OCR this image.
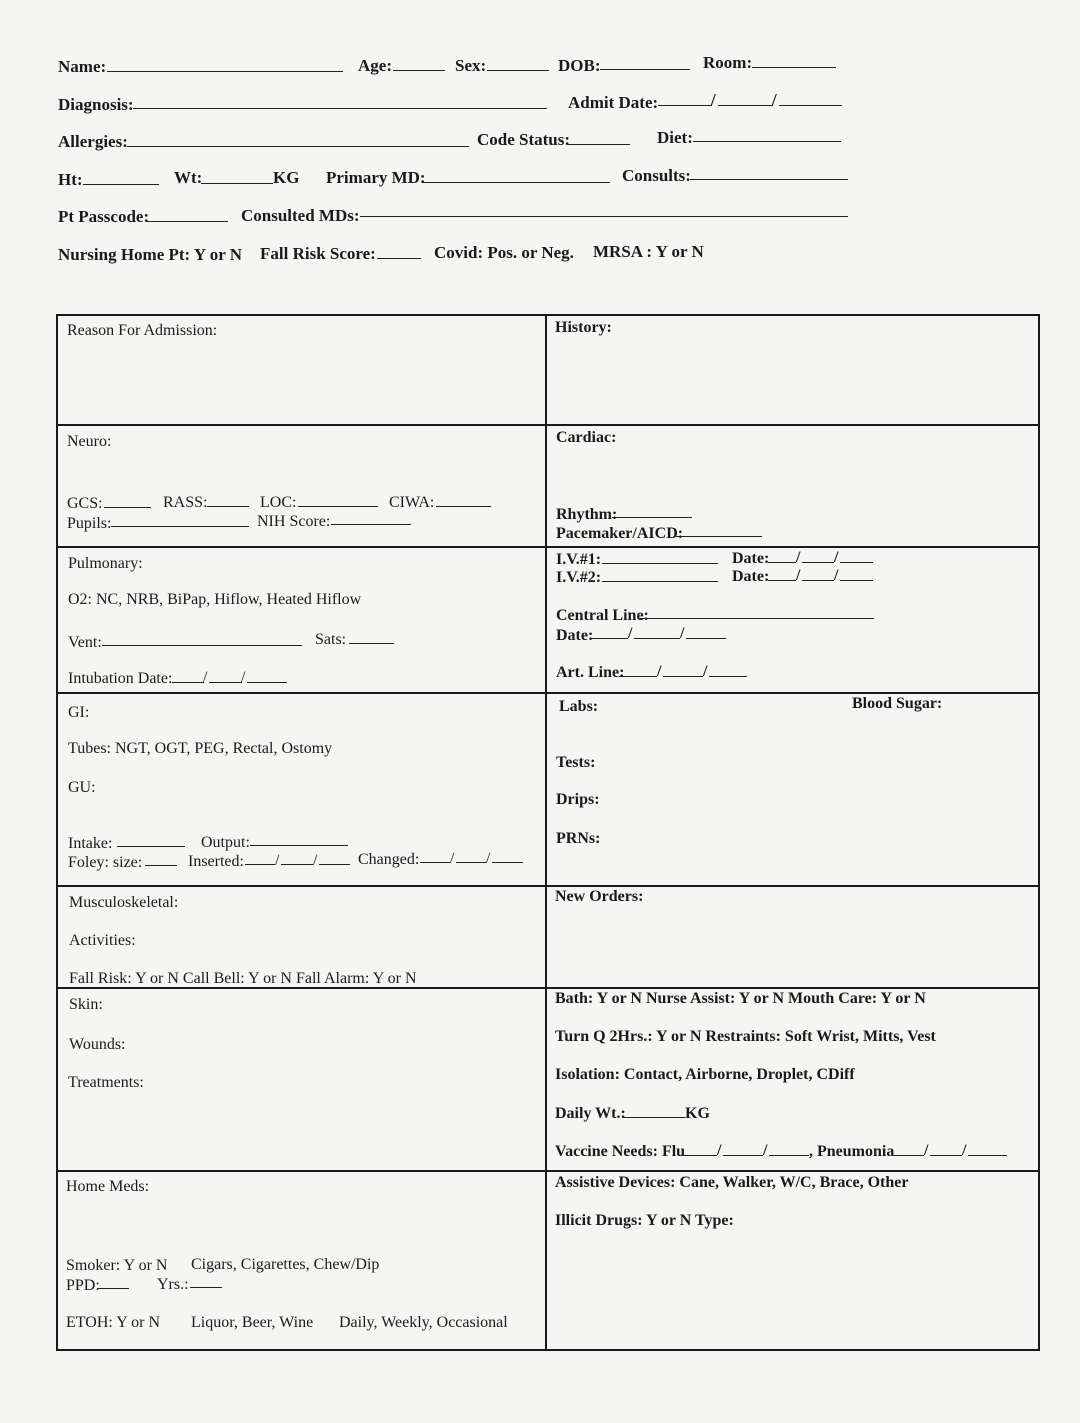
Name:	Age:	Sex:	DOB:	Room:
Diagnosis:	Admit Date:	/	/
Allergies:	Code Status:	Diet:
Ht:	Wt:	KG Primary MD:	Consults:
Pt Passcode:	Consulted MDs:
Nursing Home Pt: Y or N Fall Risk Score:	Covid: Pos. or Neg. MRSA : Y or N
Reason For Admission:	History:
Neuro:
GCS:	RASS:	LOC:	CIWA:
Pupils:	NIH Score:
Cardiac:
Rhythm:
Pacemaker/AICD:
Pulmonary:
O2: NC, NRB, BiPap, Hiflow, Heated Hiflow
Vent:	Sats:
Intubation Date: / /
I.V.#1:	Date: / /
I.V.#2:	Date: / /
Central Line:
Date: /	/
Art. Line: /	/
GI:
Tubes: NGT, OGT, PEG, Rectal, Ostomy
GU:
Intake:	Output:
Foley: size:	Inserted: / /	Changed: / /
Labs:	Blood Sugar:
Tests:
Drips:
PRNs:
Musculoskeletal:
Activities:
Fall Risk: Y or N Call Bell: Y or N Fall Alarm: Y or N
New Orders:
Skin:
Wounds:
Treatments:
Bath: Y or N Nurse Assist: Y or N Mouth Care: Y or N
Turn Q 2Hrs.: Y or N Restraints: Soft Wrist, Mitts, Vest
Isolation: Contact, Airborne, Droplet, CDiff
Daily Wt.:	KG
Vaccine Needs: Flu /	/	, Pneumonia / /
Home Meds:
Smoker: Y or N Cigars, Cigarettes, Chew/Dip
PPD:	Yrs.:
ETOH: Y or N Liquor, Beer, Wine Daily, Weekly, Occasional
Assistive Devices: Cane, Walker, W/C, Brace, Other
Illicit Drugs: Y or N Type:
